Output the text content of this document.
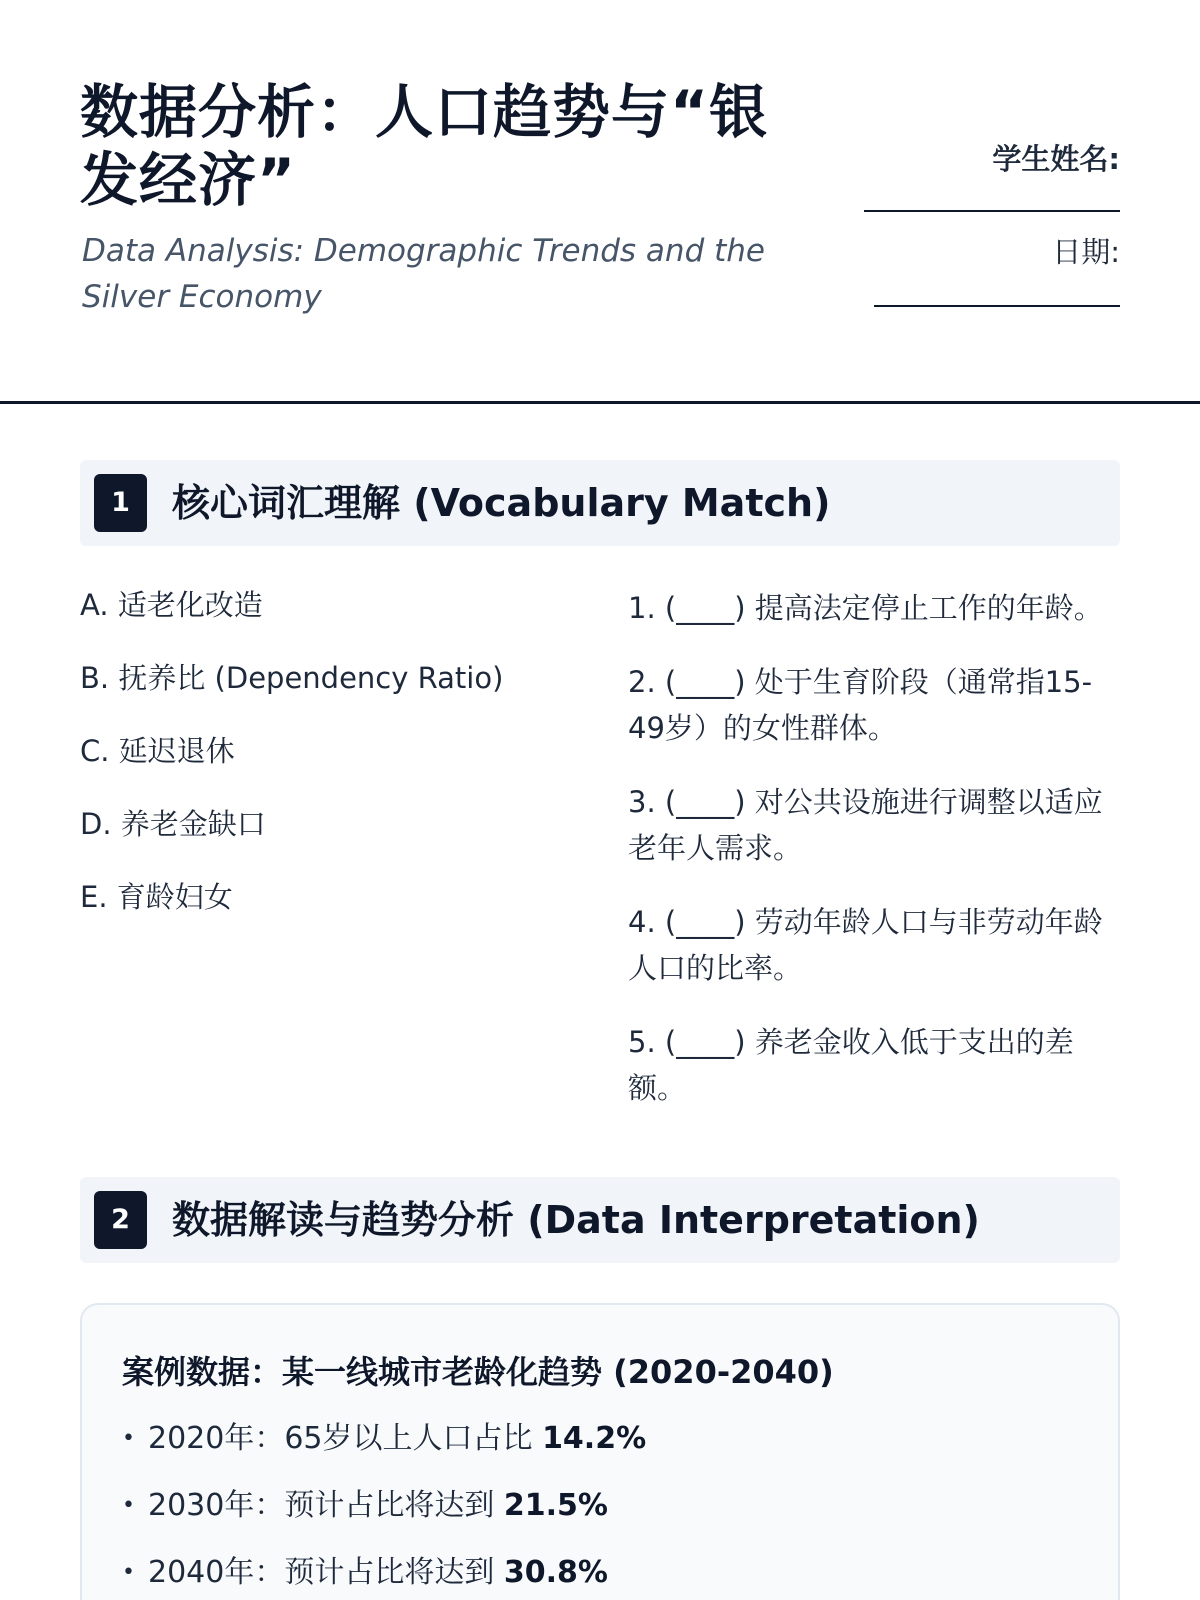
数据分析：人口趋势与“银发经济”
Data Analysis: Demographic Trends and the Silver Economy
学生姓名:
日期:
1	核心词汇理解 (Vocabulary Match)
A. 适老化改造
B. 抚养比 (Dependency Ratio)
C. 延迟退休
D. 养老金缺口
E. 育龄妇女
1. (____) 提高法定停止工作的年龄。
2. (____) 处于生育阶段（通常指15-49岁）的女性群体。
3. (____) 对公共设施进行调整以适应老年人需求。
4. (____) 劳动年龄人口与非劳动年龄人口的比率。
5. (____) 养老金收入低于支出的差额。
2	数据解读与趋势分析 (Data Interpretation)
案例数据：某一线城市老龄化趋势 (2020-2040)
• 2020年：65岁以上人口占比 14.2%
• 2030年：预计占比将达到 21.5%
• 2040年：预计占比将达到 30.8%
